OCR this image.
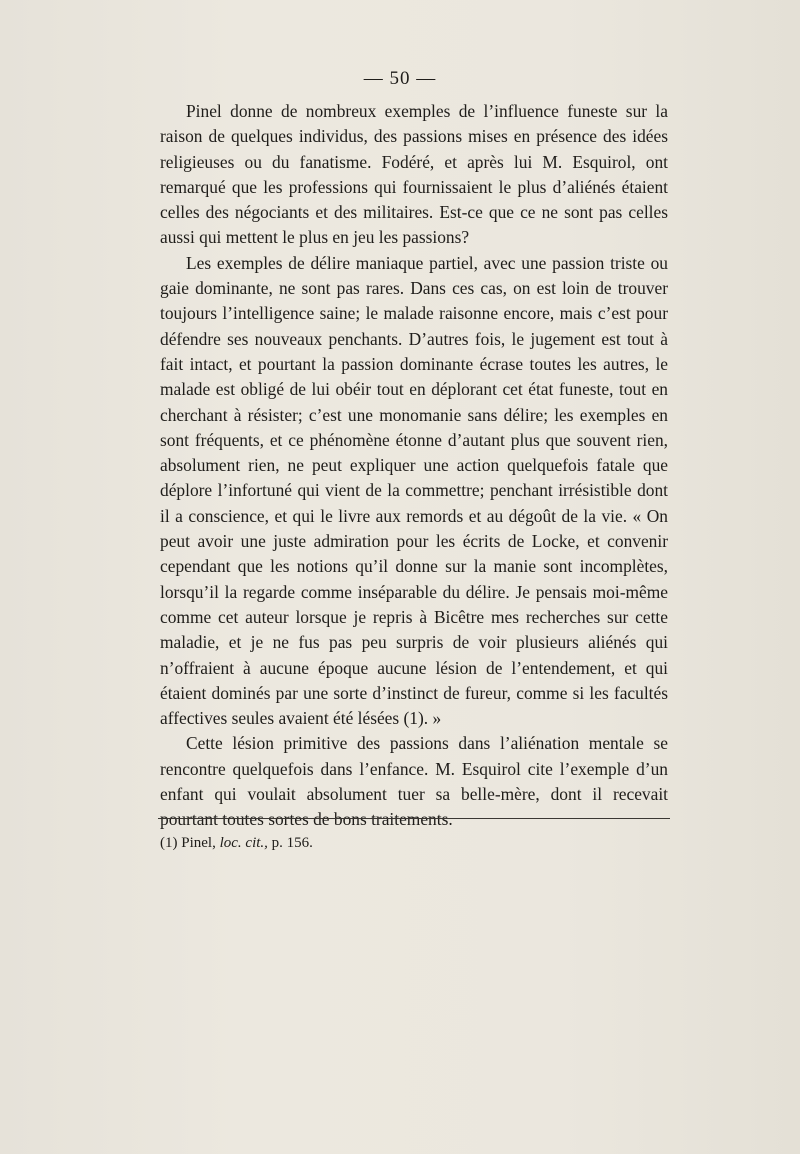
— 50 —

Pinel donne de nombreux exemples de l’influence funeste sur la raison de quelques individus, des passions mises en présence des idées religieuses ou du fanatisme. Fodéré, et après lui M. Esquirol, ont remarqué que les professions qui fournissaient le plus d’aliénés étaient celles des négociants et des militaires. Est-ce que ce ne sont pas celles aussi qui mettent le plus en jeu les passions?

Les exemples de délire maniaque partiel, avec une passion triste ou gaie dominante, ne sont pas rares. Dans ces cas, on est loin de trouver toujours l’intelligence saine; le malade raisonne encore, mais c’est pour défendre ses nouveaux penchants. D’autres fois, le jugement est tout à fait intact, et pourtant la passion dominante écrase toutes les autres, le malade est obligé de lui obéir tout en déplorant cet état funeste, tout en cherchant à résister; c’est une monomanie sans délire; les exemples en sont fréquents, et ce phénomène étonne d’autant plus que souvent rien, absolument rien, ne peut expliquer une action quelquefois fatale que déplore l’infortuné qui vient de la commettre; penchant irrésistible dont il a conscience, et qui le livre aux remords et au dégoût de la vie. « On peut avoir une juste admiration pour les écrits de Locke, et convenir cependant que les notions qu’il donne sur la manie sont incomplètes, lorsqu’il la regarde comme inséparable du délire. Je pensais moi-même comme cet auteur lorsque je repris à Bicêtre mes recherches sur cette maladie, et je ne fus pas peu surpris de voir plusieurs aliénés qui n’offraient à aucune époque aucune lésion de l’entendement, et qui étaient dominés par une sorte d’instinct de fureur, comme si les facultés affectives seules avaient été lésées (1). »

Cette lésion primitive des passions dans l’aliénation mentale se rencontre quelquefois dans l’enfance. M. Esquirol cite l’exemple d’un enfant qui voulait absolument tuer sa belle-mère, dont il recevait pourtant toutes sortes de bons traitements.

(1) Pinel, loc. cit., p. 156.
